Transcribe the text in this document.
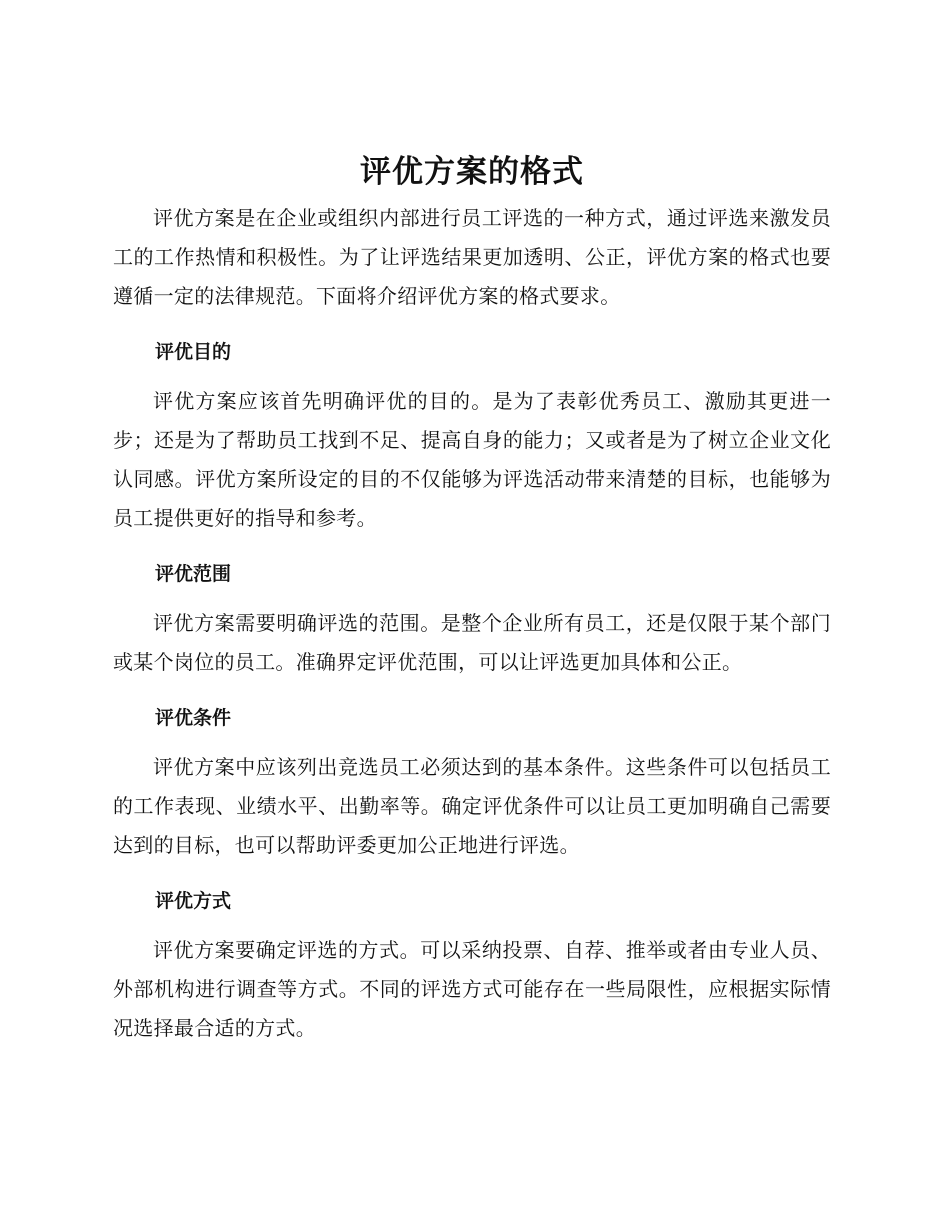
评优方案的格式

评优方案是在企业或组织内部进行员工评选的一种方式，通过评选来激发员工的工作热情和积极性。为了让评选结果更加透明、公正，评优方案的格式也要遵循一定的法律规范。下面将介绍评优方案的格式要求。

评优目的

评优方案应该首先明确评优的目的。是为了表彰优秀员工、激励其更进一步；还是为了帮助员工找到不足、提高自身的能力；又或者是为了树立企业文化认同感。评优方案所设定的目的不仅能够为评选活动带来清楚的目标，也能够为员工提供更好的指导和参考。

评优范围

评优方案需要明确评选的范围。是整个企业所有员工，还是仅限于某个部门或某个岗位的员工。准确界定评优范围，可以让评选更加具体和公正。

评优条件

评优方案中应该列出竞选员工必须达到的基本条件。这些条件可以包括员工的工作表现、业绩水平、出勤率等。确定评优条件可以让员工更加明确自己需要达到的目标，也可以帮助评委更加公正地进行评选。

评优方式

评优方案要确定评选的方式。可以采纳投票、自荐、推举或者由专业人员、外部机构进行调查等方式。不同的评选方式可能存在一些局限性，应根据实际情况选择最合适的方式。
